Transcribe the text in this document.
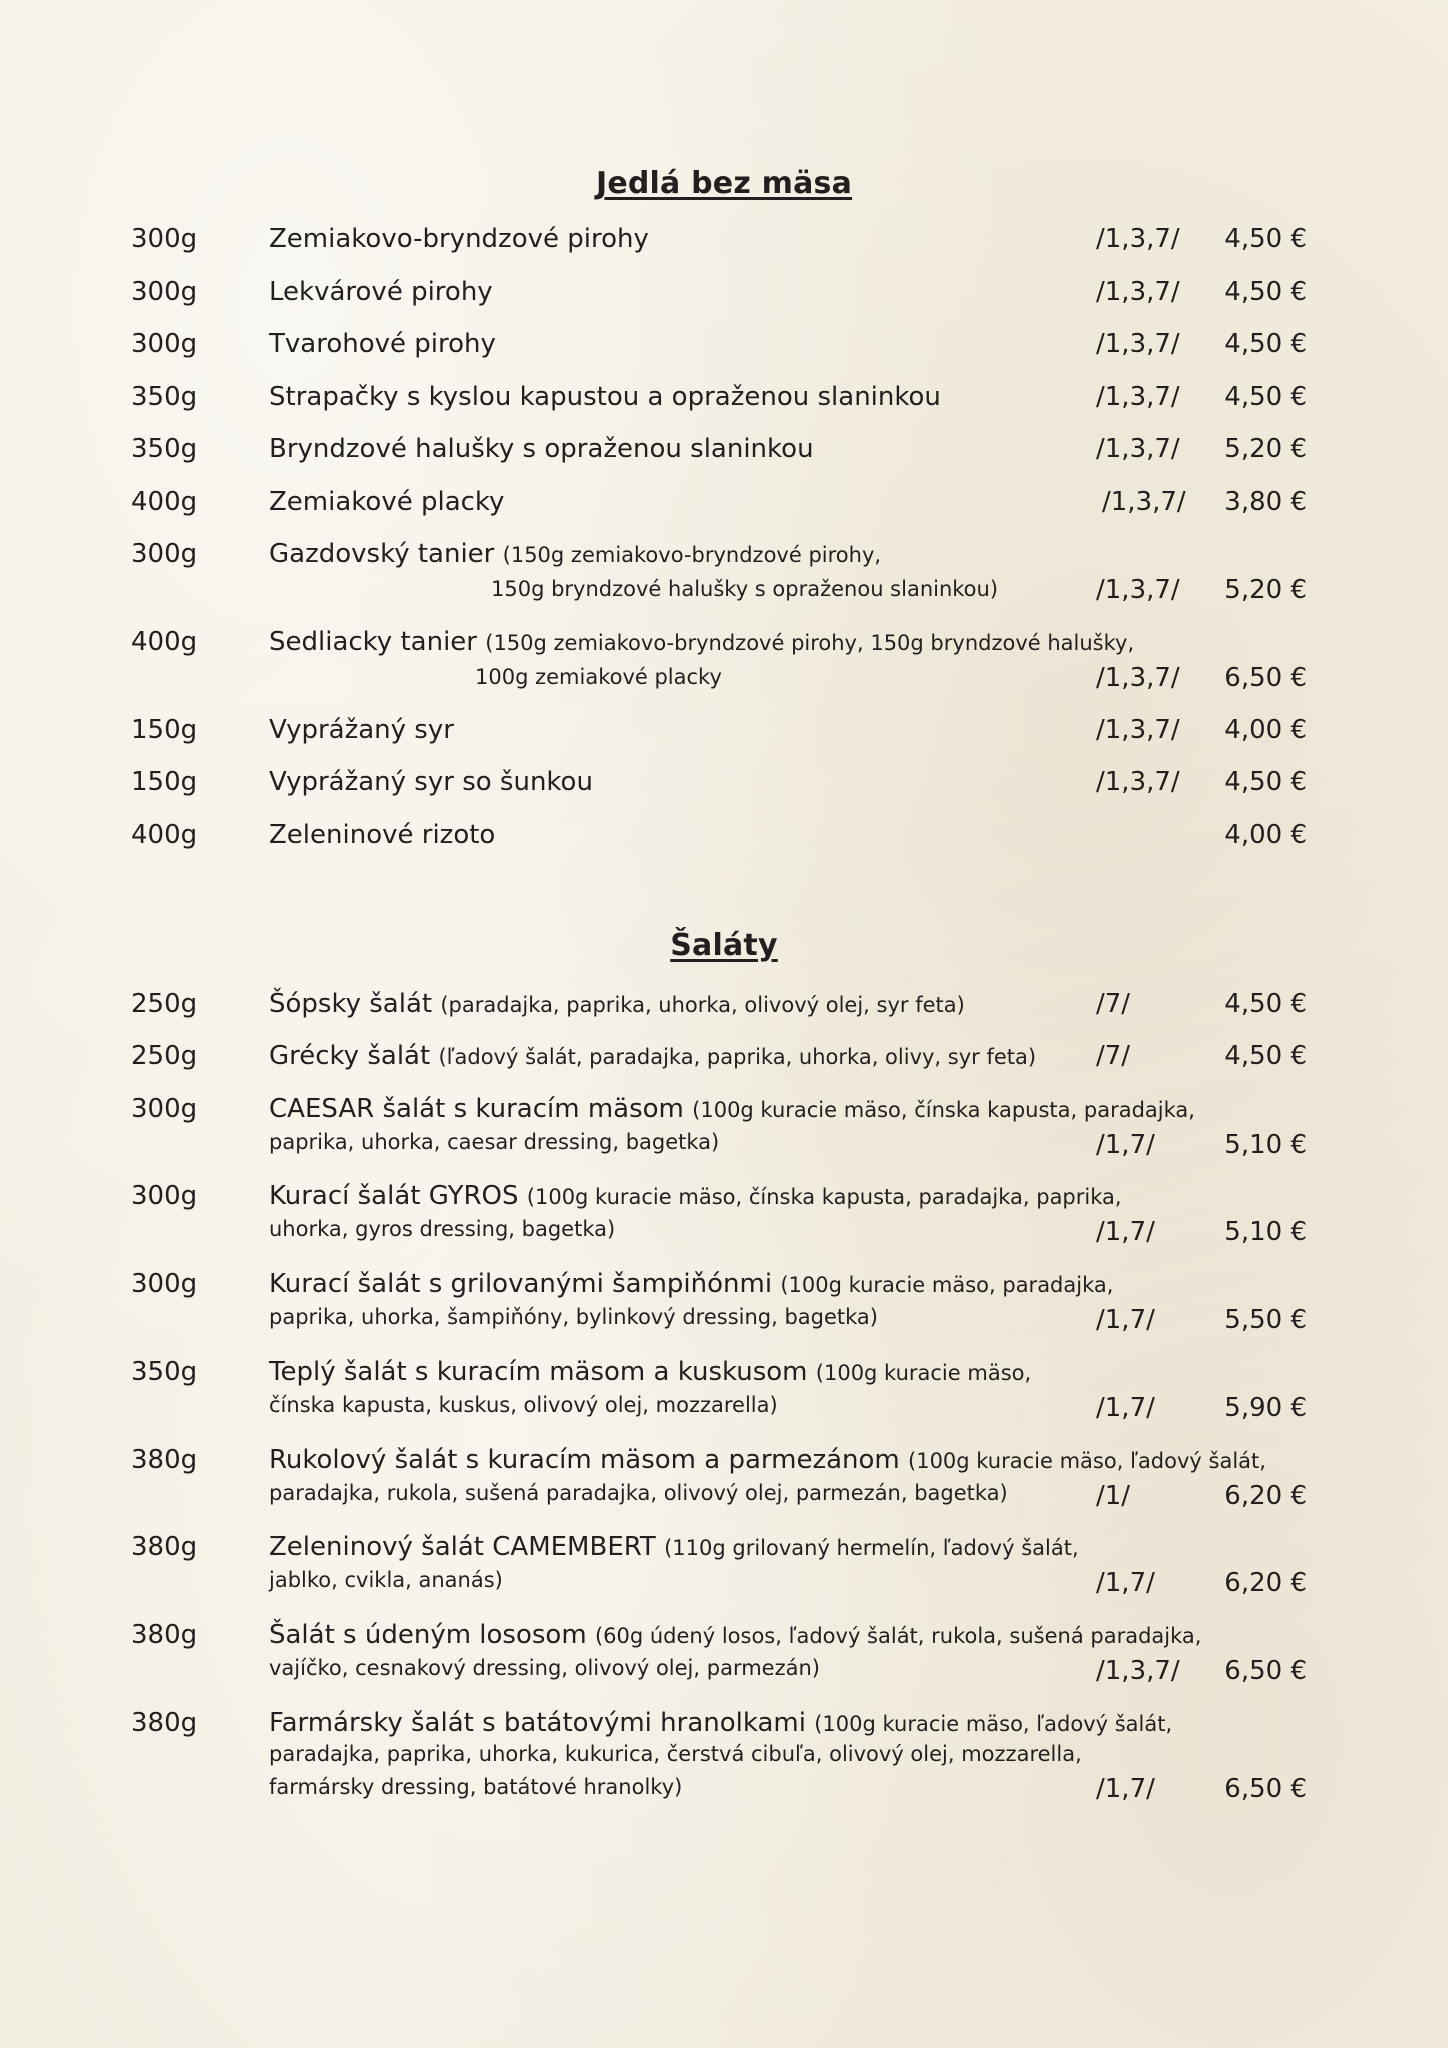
Jedlá bez mäsa
300g	Zemiakovo-bryndzové pirohy	/1,3,7/ 4,50 €
300g	Lekvárové pirohy	/1,3,7/ 4,50 €
300g	Tvarohové pirohy	/1,3,7/ 4,50 €
350g	Strapačky s kyslou kapustou a opraženou slaninkou	/1,3,7/ 4,50 €
350g	Bryndzové halušky s opraženou slaninkou	/1,3,7/ 5,20 €
400g	Zemiakové placky	/1,3,7/ 3,80 €
300g	Gazdovský tanier (150g zemiakovo-bryndzové pirohy,
150g bryndzové halušky s opraženou slaninkou)	/1,3,7/ 5,20 €
400g	Sedliacky tanier (150g zemiakovo-bryndzové pirohy, 150g bryndzové halušky,
100g zemiakové placky	/1,3,7/ 6,50 €
150g	Vyprážaný syr	/1,3,7/ 4,00 €
150g	Vyprážaný syr so šunkou	/1,3,7/ 4,50 €
400g	Zeleninové rizoto	4,00 €
Šaláty
250g	Šópsky šalát (paradajka, paprika, uhorka, olivový olej, syr feta)	/7/	4,50 €
250g	Grécky šalát (ľadový šalát, paradajka, paprika, uhorka, olivy, syr feta) /7/	4,50 €
300g	CAESAR šalát s kuracím mäsom (100g kuracie mäso, čínska kapusta, paradajka,
paprika, uhorka, caesar dressing, bagetka)	/1,7/	5,10 €
300g	Kurací šalát GYROS (100g kuracie mäso, čínska kapusta, paradajka, paprika,
uhorka, gyros dressing, bagetka)	/1,7/	5,10 €
300g	Kurací šalát s grilovanými šampiňónmi (100g kuracie mäso, paradajka,
paprika, uhorka, šampiňóny, bylinkový dressing, bagetka)	/1,7/	5,50 €
350g	Teplý šalát s kuracím mäsom a kuskusom (100g kuracie mäso,
čínska kapusta, kuskus, olivový olej, mozzarella)	/1,7/	5,90 €
380g	Rukolový šalát s kuracím mäsom a parmezánom (100g kuracie mäso, ľadový šalát,
paradajka, rukola, sušená paradajka, olivový olej, parmezán, bagetka)	/1/	6,20 €
380g	Zeleninový šalát CAMEMBERT (110g grilovaný hermelín, ľadový šalát,
jablko, cvikla, ananás)	/1,7/	6,20 €
380g	Šalát s údeným lososom (60g údený losos, ľadový šalát, rukola, sušená paradajka,
vajíčko, cesnakový dressing, olivový olej, parmezán)	/1,3,7/ 6,50 €
380g	Farmársky šalát s batátovými hranolkami (100g kuracie mäso, ľadový šalát,
paradajka, paprika, uhorka, kukurica, čerstvá cibuľa, olivový olej, mozzarella,
farmársky dressing, batátové hranolky)	/1,7/	6,50 €
